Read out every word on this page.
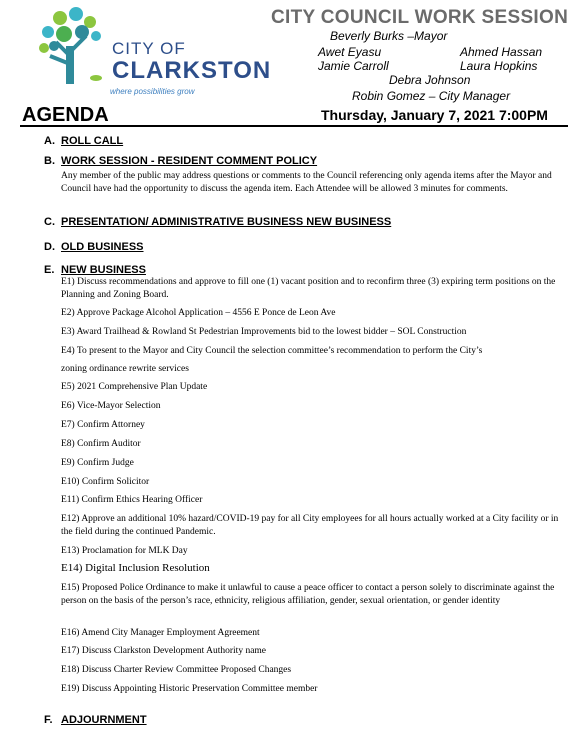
CITY OF
CLARKSTON
where possibilities grow
CITY COUNCIL WORK SESSION
Beverly Burks –Mayor
Awet Eyasu	Ahmed Hassan
Jamie Carroll	Laura Hopkins
Debra Johnson
Robin Gomez – City Manager
AGENDA	Thursday, January 7, 2021 7:00PM
A. ROLL CALL
B. WORK SESSION - RESIDENT COMMENT POLICY
Any member of the public may address questions or comments to the Council referencing only agenda items after the Mayor and Council have had the opportunity to discuss the agenda item. Each Attendee will be allowed 3 minutes for comments.
C. PRESENTATION/ ADMINISTRATIVE BUSINESS NEW BUSINESS
D. OLD BUSINESS
E. NEW BUSINESS
E1) Discuss recommendations and approve to fill one (1) vacant position and to reconfirm three (3) expiring term positions on the Planning and Zoning Board.
E2) Approve Package Alcohol Application – 4556 E Ponce de Leon Ave
E3) Award Trailhead & Rowland St Pedestrian Improvements bid to the lowest bidder – SOL Construction
E4) To present to the Mayor and City Council the selection committee’s recommendation to perform the City’s
zoning ordinance rewrite services
E5) 2021 Comprehensive Plan Update
E6) Vice-Mayor Selection
E7) Confirm Attorney
E8) Confirm Auditor
E9) Confirm Judge
E10) Confirm Solicitor
E11) Confirm Ethics Hearing Officer
E12) Approve an additional 10% hazard/COVID-19 pay for all City employees for all hours actually worked at a City facility or in the field during the continued Pandemic.
E13) Proclamation for MLK Day
E14) Digital Inclusion Resolution
E15) Proposed Police Ordinance to make it unlawful to cause a peace officer to contact a person solely to discriminate against the person on the basis of the person’s race, ethnicity, religious affiliation, gender, sexual orientation, or gender identity
E16) Amend City Manager Employment Agreement
E17) Discuss Clarkston Development Authority name
E18) Discuss Charter Review Committee Proposed Changes
E19) Discuss Appointing Historic Preservation Committee member
F. ADJOURNMENT
